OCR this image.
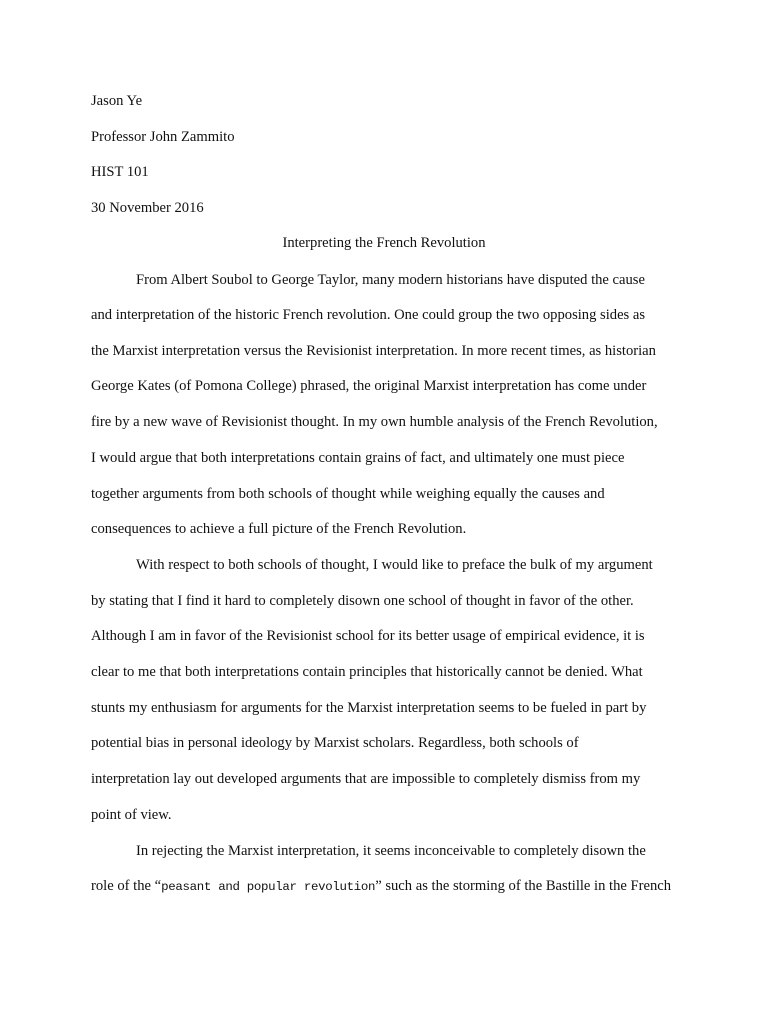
Jason Ye

Professor John Zammito

HIST 101

30 November 2016

Interpreting the French Revolution

From Albert Soubol to George Taylor, many modern historians have disputed the cause

and interpretation of the historic French revolution. One could group the two opposing sides as

the Marxist interpretation versus the Revisionist interpretation. In more recent times, as historian

George Kates (of Pomona College) phrased, the original Marxist interpretation has come under

fire by a new wave of Revisionist thought. In my own humble analysis of the French Revolution,

I would argue that both interpretations contain grains of fact, and ultimately one must piece

together arguments from both schools of thought while weighing equally the causes and

consequences to achieve a full picture of the French Revolution.

With respect to both schools of thought, I would like to preface the bulk of my argument

by stating that I find it hard to completely disown one school of thought in favor of the other.

Although I am in favor of the Revisionist school for its better usage of empirical evidence, it is

clear to me that both interpretations contain principles that historically cannot be denied. What

stunts my enthusiasm for arguments for the Marxist interpretation seems to be fueled in part by

potential bias in personal ideology by Marxist scholars. Regardless, both schools of

interpretation lay out developed arguments that are impossible to completely dismiss from my

point of view.

In rejecting the Marxist interpretation, it seems inconceivable to completely disown the

role of the “peasant and popular revolution” such as the storming of the Bastille in the French
